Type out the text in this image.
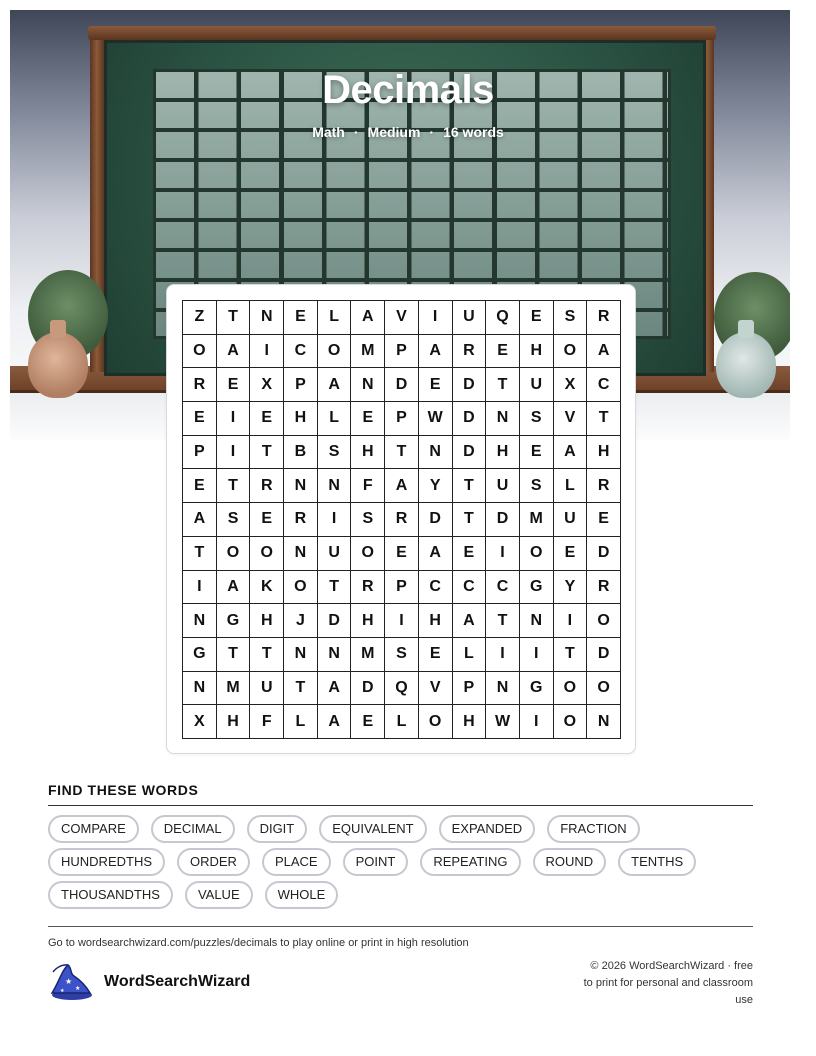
Decimals
Math · Medium · 16 words
Z	T	N	E	L	A	V	I	U	Q	E	S	R
O	A	I	C	O	M	P	A	R	E	H	O	A
R	E	X	P	A	N	D	E	D	T	U	X	C
E	I	E	H	L	E	P	W	D	N	S	V	T
P	I	T	B	S	H	T	N	D	H	E	A	H
E	T	R	N	N	F	A	Y	T	U	S	L	R
A	S	E	R	I	S	R	D	T	D	M	U	E
T	O	O	N	U	O	E	A	E	I	O	E	D
I	A	K	O	T	R	P	C	C	C	G	Y	R
N	G	H	J	D	H	I	H	A	T	N	I	O
G	T	T	N	N	M	S	E	L	I	I	T	D
N	M	U	T	A	D	Q	V	P	N	G	O	O
X	H	F	L	A	E	L	O	H	W	I	O	N
FIND THESE WORDS
COMPARE	DECIMAL	DIGIT	EQUIVALENT	EXPANDED	FRACTION
HUNDREDTHS	ORDER	PLACE	POINT	REPEATING	ROUND	TENTHS
THOUSANDTHS	VALUE	WHOLE
Go to wordsearchwizard.com/puzzles/decimals to play online or print in high resolution
★
★
★
WordSearchWizard
© 2026 WordSearchWizard · free to print for personal and classroom use
